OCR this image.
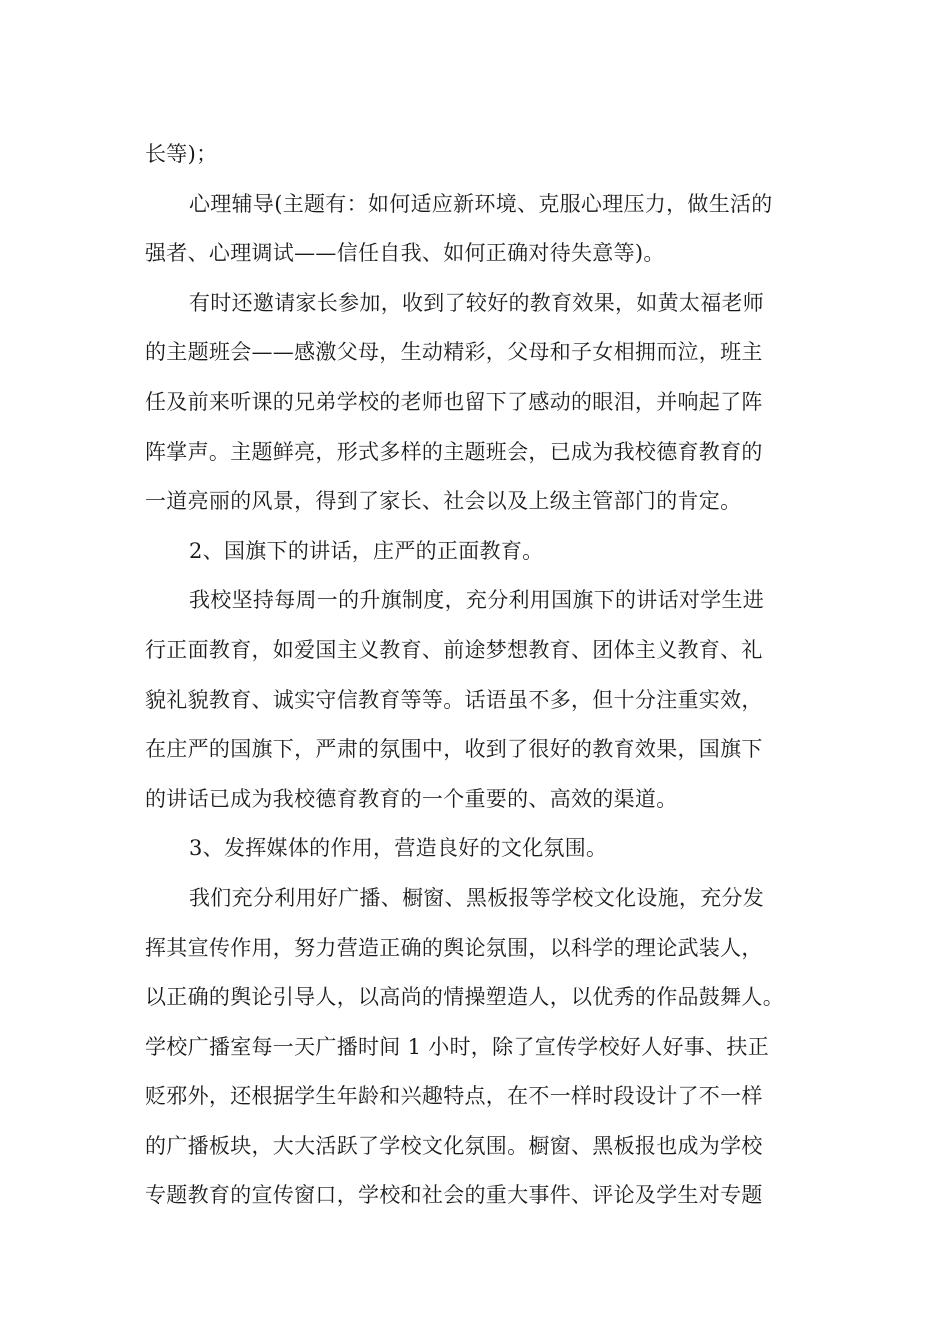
长等)；
心理辅导(主题有：如何适应新环境、克服心理压力，做生活的
强者、心理调试——信任自我、如何正确对待失意等)。
有时还邀请家长参加，收到了较好的教育效果，如黄太福老师
的主题班会——感激父母，生动精彩，父母和子女相拥而泣，班主
任及前来听课的兄弟学校的老师也留下了感动的眼泪，并响起了阵
阵掌声。主题鲜亮，形式多样的主题班会，已成为我校德育教育的
一道亮丽的风景，得到了家长、社会以及上级主管部门的肯定。
2、国旗下的讲话，庄严的正面教育。
我校坚持每周一的升旗制度，充分利用国旗下的讲话对学生进
行正面教育，如爱国主义教育、前途梦想教育、团体主义教育、礼
貌礼貌教育、诚实守信教育等等。话语虽不多，但十分注重实效，
在庄严的国旗下，严肃的氛围中，收到了很好的教育效果，国旗下
的讲话已成为我校德育教育的一个重要的、高效的渠道。
3、发挥媒体的作用，营造良好的文化氛围。
我们充分利用好广播、橱窗、黑板报等学校文化设施，充分发
挥其宣传作用，努力营造正确的舆论氛围，以科学的理论武装人，
以正确的舆论引导人，以高尚的情操塑造人，以优秀的作品鼓舞人。
学校广播室每一天广播时间 1 小时，除了宣传学校好人好事、扶正
贬邪外，还根据学生年龄和兴趣特点，在不一样时段设计了不一样
的广播板块，大大活跃了学校文化氛围。橱窗、黑板报也成为学校
专题教育的宣传窗口，学校和社会的重大事件、评论及学生对专题
